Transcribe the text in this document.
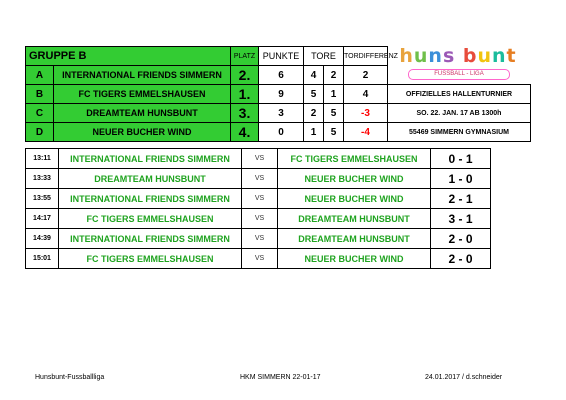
GRUPPE B		PLATZ	PUNKTE	TORE		TORDIFFERENZ	huns bunt
FUSSBALL - LIGA

A	INTERNATIONAL FRIENDS SIMMERN	2.	6	4	2	2	
B	FC TIGERS EMMELSHAUSEN	1.	9	5	1	4	OFFIZIELLES HALLENTURNIER
C	DREAMTEAM HUNSBUNT	3.	3	2	5	-3	SO. 22. JAN. 17 AB 1300h
D	NEUER BUCHER WIND	4.	0	1	5	-4	55469 SIMMERN GYMNASIUM
13:11	INTERNATIONAL FRIENDS SIMMERN	VS	FC TIGERS EMMELSHAUSEN	0 - 1
13:33	DREAMTEAM HUNSBUNT	VS	NEUER BUCHER WIND	1 - 0
13:55	INTERNATIONAL FRIENDS SIMMERN	VS	NEUER BUCHER WIND	2 - 1
14:17	FC TIGERS EMMELSHAUSEN	VS	DREAMTEAM HUNSBUNT	3 - 1
14:39	INTERNATIONAL FRIENDS SIMMERN	VS	DREAMTEAM HUNSBUNT	2 - 0
15:01	FC TIGERS EMMELSHAUSEN	VS	NEUER BUCHER WIND	2 - 0
Hunsbunt-Fussballliga	HKM SIMMERN 22-01-17	24.01.2017 / d.schneider
